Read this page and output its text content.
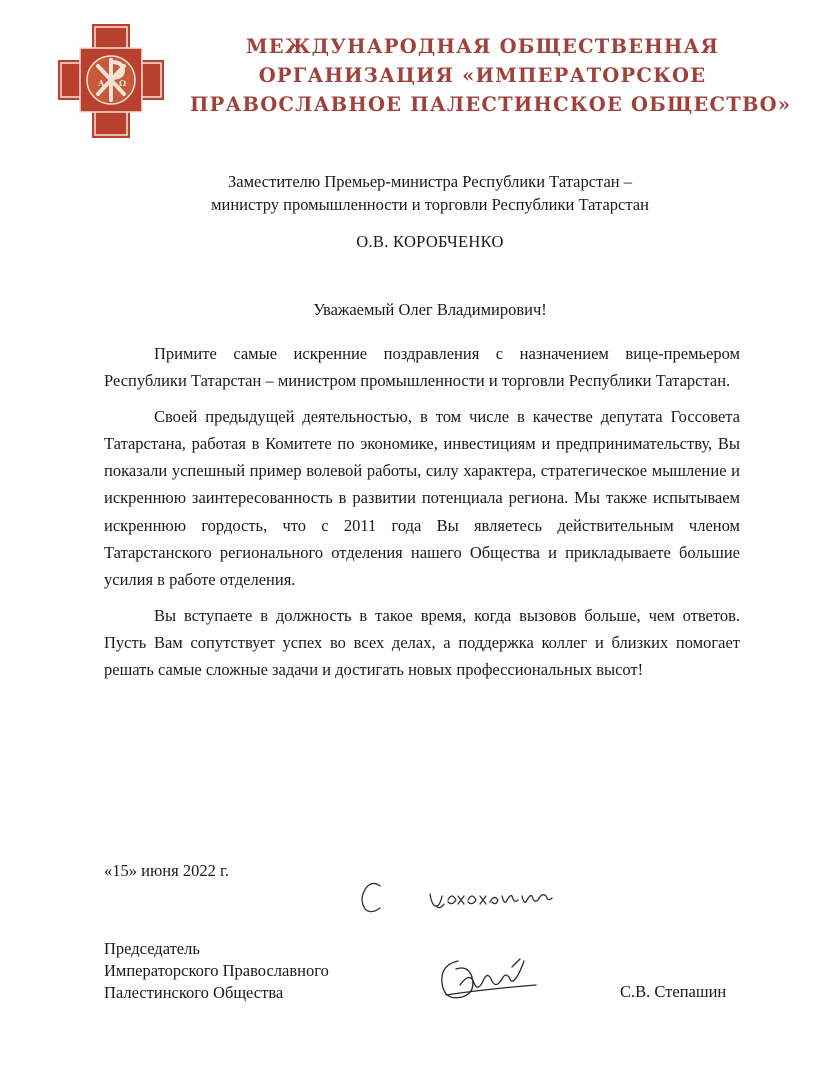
А Ω
МЕЖДУНАРОДНАЯ ОБЩЕСТВЕННАЯ
ОРГАНИЗАЦИЯ «ИМПЕРАТОРСКОЕ
ПРАВОСЛАВНОЕ ПАЛЕСТИНСКОЕ ОБЩЕСТВО»
Заместителю Премьер-министра Республики Татарстан –
министру промышленности и торговли Республики Татарстан
О.В. КОРОБЧЕНКО
Уважаемый Олег Владимирович!

Примите самые искренние поздравления с назначением вице-премьером Республики Татарстан – министром промышленности и торговли Республики Татарстан.

Своей предыдущей деятельностью, в том числе в качестве депутата Госсовета Татарстана, работая в Комитете по экономике, инвестициям и предпринимательству, Вы показали успешный пример волевой работы, силу характера, стратегическое мышление и искреннюю заинтересованность в развитии потенциала региона. Мы также испытываем искреннюю гордость, что с 2011 года Вы являетесь действительным членом Татарстанского регионального отделения нашего Общества и прикладываете большие усилия в работе отделения.

Вы вступаете в должность в такое время, когда вызовов больше, чем ответов. Пусть Вам сопутствует успех во всех делах, а поддержка коллег и близких помогает решать самые сложные задачи и достигать новых профессиональных высот!

«15» июня 2022 г.
Председатель
Императорского Православного
Палестинского Общества	С.В. Степашин
